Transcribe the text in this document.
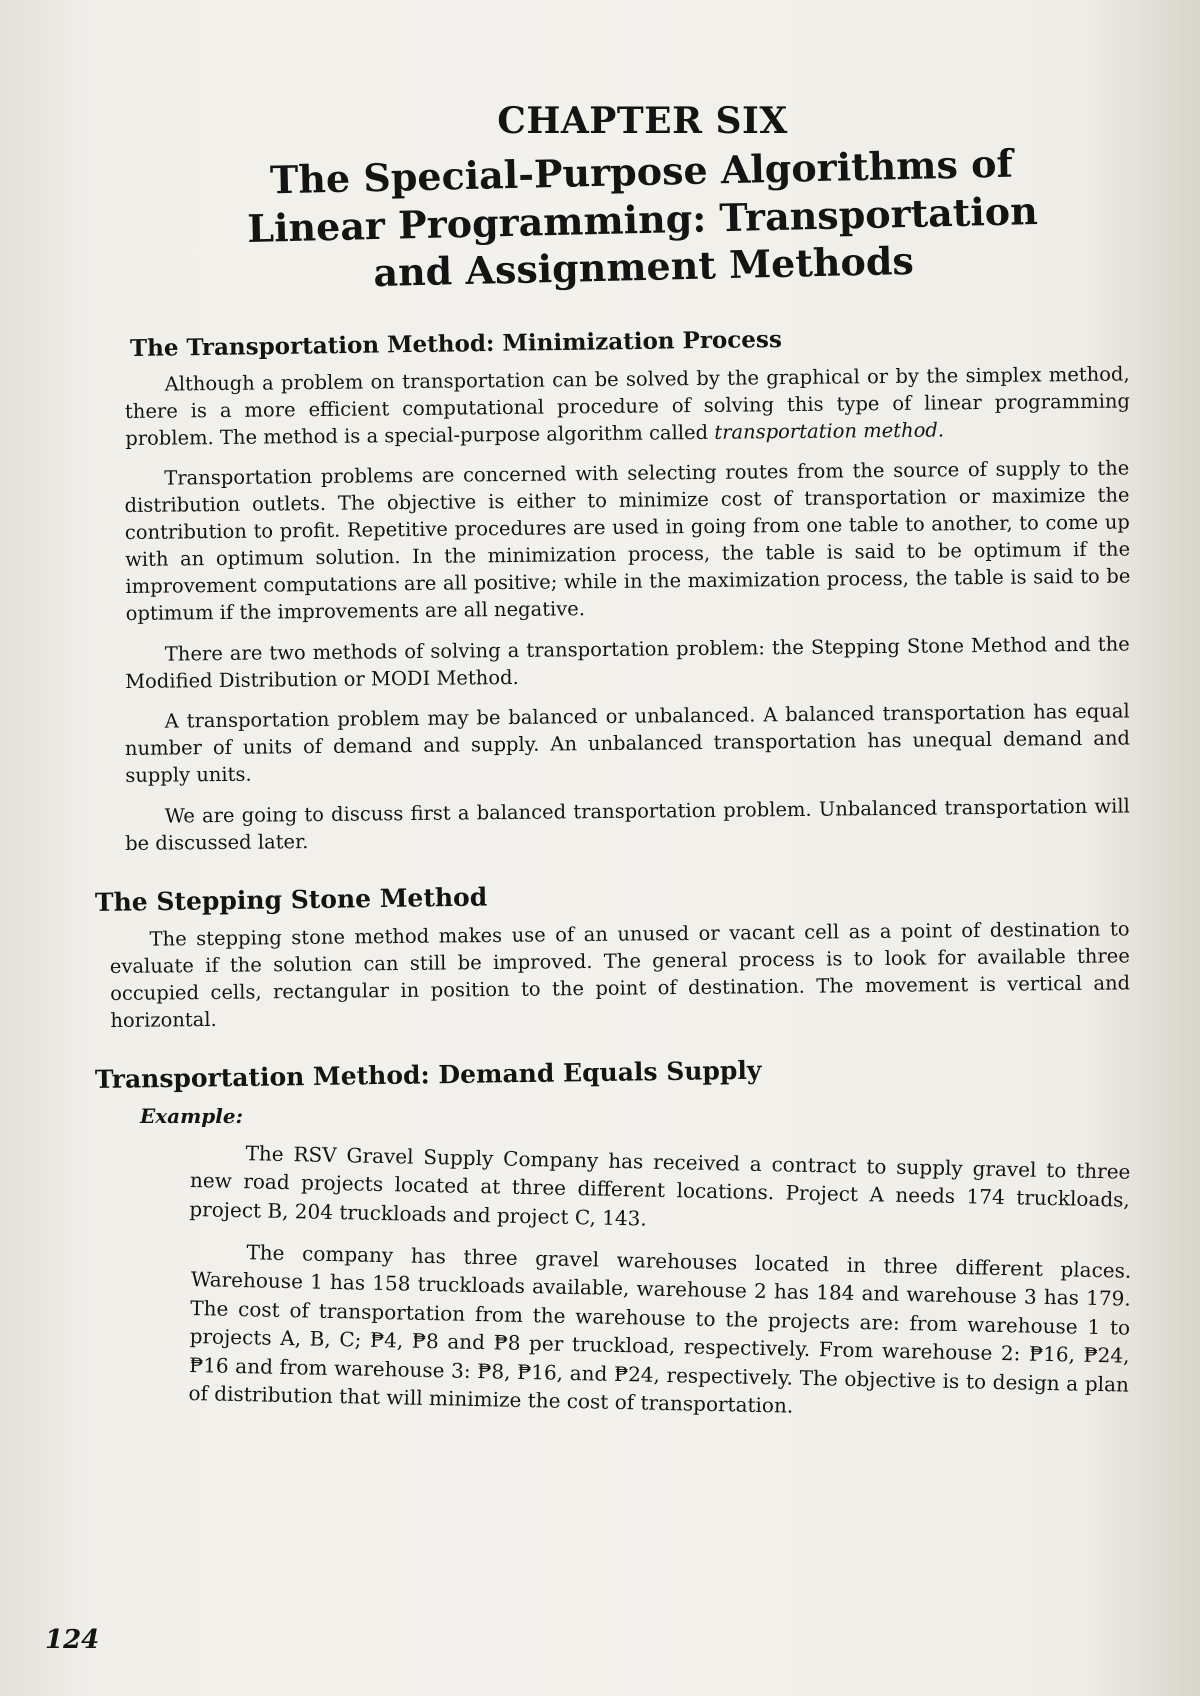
CHAPTER SIX
The Special-Purpose Algorithms of
Linear Programming: Transportation
and Assignment Methods
The Transportation Method: Minimization Process

Although a problem on transportation can be solved by the graphical or by the simplex method, there is a more efficient computational procedure of solving this type of linear programming problem. The method is a special-purpose algorithm called transportation method.

Transportation problems are concerned with selecting routes from the source of supply to the distribution outlets. The objective is either to minimize cost of transportation or maximize the contribution to profit. Repetitive procedures are used in going from one table to another, to come up with an optimum solution. In the minimization process, the table is said to be optimum if the improvement computations are all positive; while in the maximization process, the table is said to be optimum if the improvements are all negative.

There are two methods of solving a transportation problem: the Stepping Stone Method and the Modified Distribution or MODI Method.

A transportation problem may be balanced or unbalanced. A balanced transportation has equal number of units of demand and supply. An unbalanced transportation has unequal demand and supply units.

We are going to discuss first a balanced transportation problem. Unbalanced transportation will be discussed later.

The Stepping Stone Method

The stepping stone method makes use of an unused or vacant cell as a point of destination to evaluate if the solution can still be improved. The general process is to look for available three occupied cells, rectangular in position to the point of destination. The movement is vertical and horizontal.

Transportation Method: Demand Equals Supply
Example:

The RSV Gravel Supply Company has received a contract to supply gravel to three new road projects located at three different locations. Project A needs 174 truckloads, project B, 204 truckloads and project C, 143.

The company has three gravel warehouses located in three different places. Warehouse 1 has 158 truckloads available, warehouse 2 has 184 and warehouse 3 has 179. The cost of transportation from the warehouse to the projects are: from warehouse 1 to projects A, B, C; ₱4, ₱8 and ₱8 per truckload, respectively. From warehouse 2: ₱16, ₱24, ₱16 and from warehouse 3: ₱8, ₱16, and ₱24, respectively. The objective is to design a plan of distribution that will minimize the cost of transportation.

124
